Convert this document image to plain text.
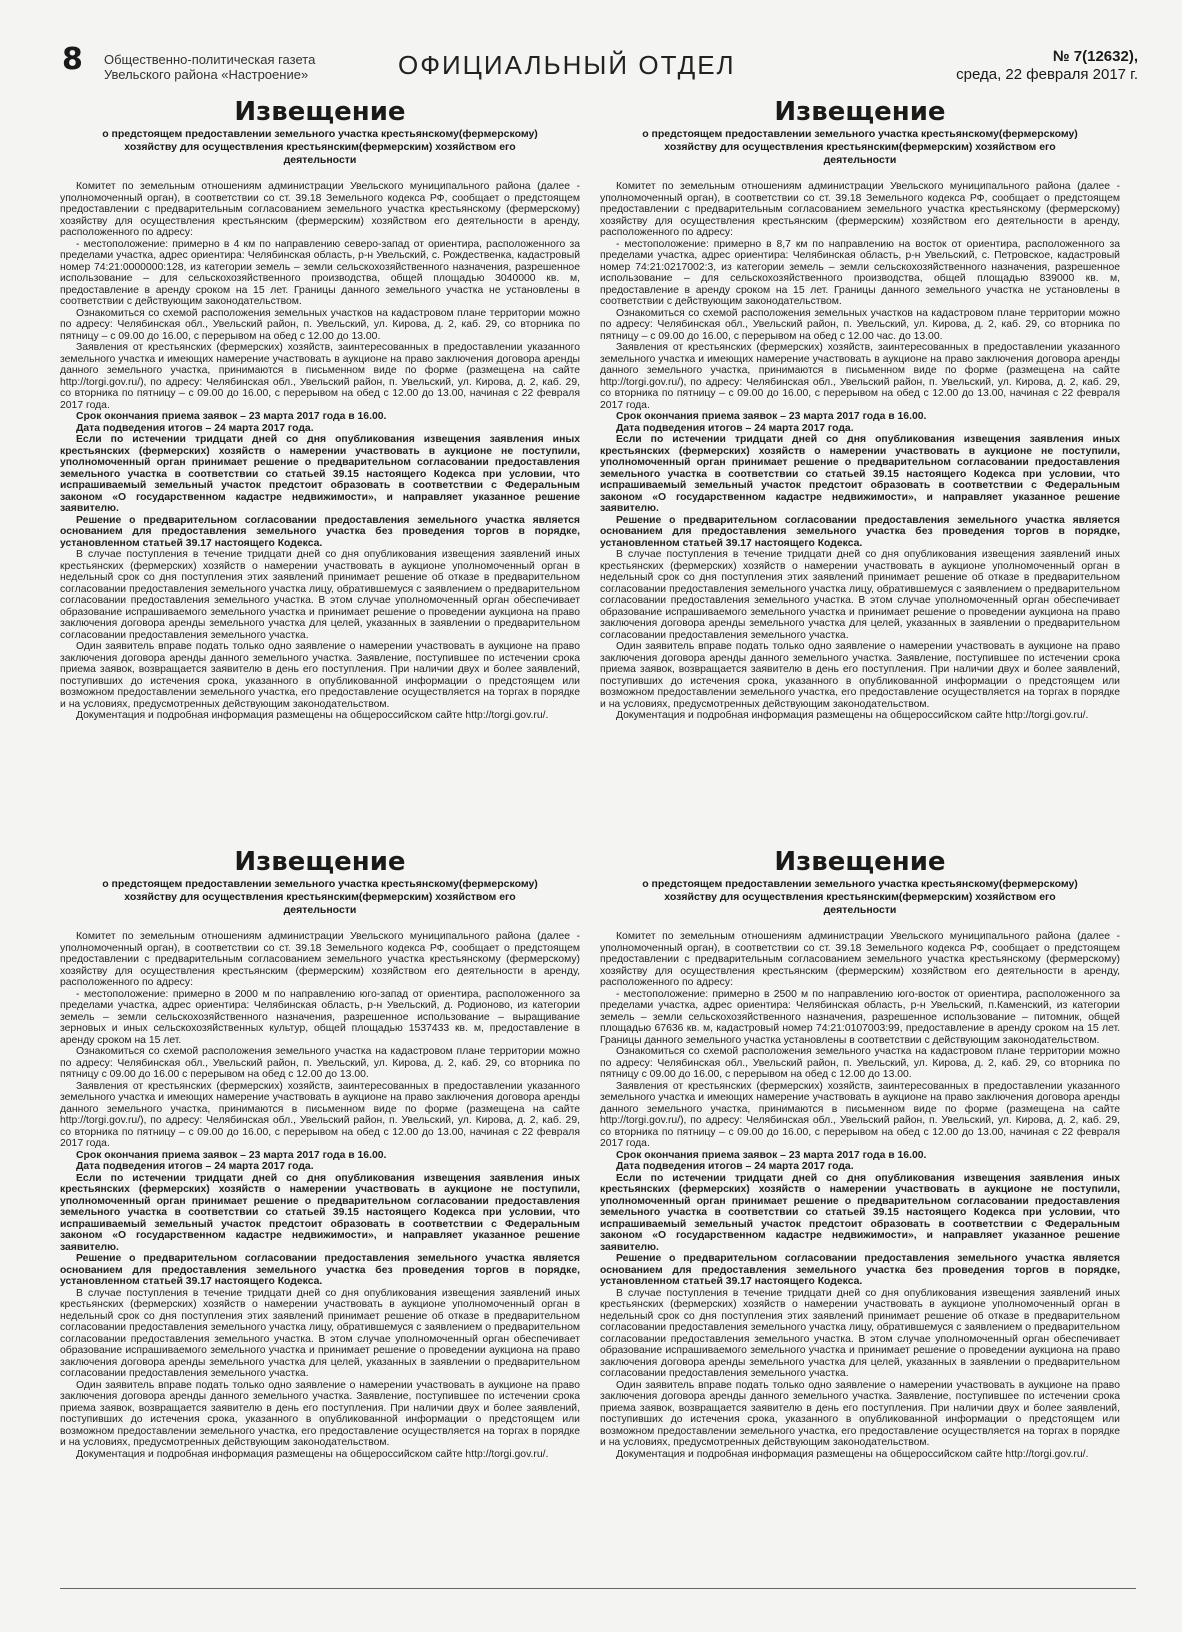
8 Общественно-политическая газета
Увельского района «Настроение»	ОФИЦИАЛЬНЫЙ ОТДЕЛ	№ 7(12632),
среда, 22 февраля 2017 г.
Извещение
о предстоящем предоставлении земельного участка крестьянскому(фермерскому) хозяйству для осуществления крестьянским(фермерским) хозяйством его деятельности

Комитет по земельным отношениям администрации Увельского муниципального района (далее - уполномоченный орган), в соответствии со ст. 39.18 Земельного кодекса РФ, сообщает о предстоящем предоставлении с предварительным согласованием земельного участка крестьянскому (фермерскому) хозяйству для осуществления крестьянским (фермерским) хозяйством его деятельности в аренду, расположенного по адресу:

- местоположение: примерно в 4 км по направлению северо-запад от ориентира, расположенного за пределами участка, адрес ориентира: Челябинская область, р-н Увельский, с. Рождественка, кадастровый номер 74:21:0000000:128, из категории земель – земли сельскохозяйственного назначения, разрешенное использование – для сельскохозяйственного производства, общей площадью 3040000 кв. м, предоставление в аренду сроком на 15 лет. Границы данного земельного участка не установлены в соответствии с действующим законодательством.

Ознакомиться со схемой расположения земельных участков на кадастровом плане территории можно по адресу: Челябинская обл., Увельский район, п. Увельский, ул. Кирова, д. 2, каб. 29, со вторника по пятницу – с 09.00 до 16.00, с перерывом на обед с 12.00 до 13.00.

Заявления от крестьянских (фермерских) хозяйств, заинтересованных в предоставлении указанного земельного участка и имеющих намерение участвовать в аукционе на право заключения договора аренды данного земельного участка, принимаются в письменном виде по форме (размещена на сайте http://torgi.gov.ru/), по адресу: Челябинская обл., Увельский район, п. Увельский, ул. Кирова, д. 2, каб. 29, со вторника по пятницу – с 09.00 до 16.00, с перерывом на обед с 12.00 до 13.00, начиная с 22 февраля 2017 года.

Срок окончания приема заявок – 23 марта 2017 года в 16.00.

Дата подведения итогов – 24 марта 2017 года.

Если по истечении тридцати дней со дня опубликования извещения заявления иных крестьянских (фермерских) хозяйств о намерении участвовать в аукционе не поступили, уполномоченный орган принимает решение о предварительном согласовании предоставления земельного участка в соответствии со статьей 39.15 настоящего Кодекса при условии, что испрашиваемый земельный участок предстоит образовать в соответствии с Федеральным законом «О государственном кадастре недвижимости», и направляет указанное решение заявителю.

Решение о предварительном согласовании предоставления земельного участка является основанием для предоставления земельного участка без проведения торгов в порядке, установленном статьей 39.17 настоящего Кодекса.

В случае поступления в течение тридцати дней со дня опубликования извещения заявлений иных крестьянских (фермерских) хозяйств о намерении участвовать в аукционе уполномоченный орган в недельный срок со дня поступления этих заявлений принимает решение об отказе в предварительном согласовании предоставления земельного участка лицу, обратившемуся с заявлением о предварительном согласовании предоставления земельного участка. В этом случае уполномоченный орган обеспечивает образование испрашиваемого земельного участка и принимает решение о проведении аукциона на право заключения договора аренды земельного участка для целей, указанных в заявлении о предварительном согласовании предоставления земельного участка.

Один заявитель вправе подать только одно заявление о намерении участвовать в аукционе на право заключения договора аренды данного земельного участка. Заявление, поступившее по истечении срока приема заявок, возвращается заявителю в день его поступления. При наличии двух и более заявлений, поступивших до истечения срока, указанного в опубликованной информации о предстоящем или возможном предоставлении земельного участка, его предоставление осуществляется на торгах в порядке и на условиях, предусмотренных действующим законодательством.

Документация и подробная информация размещены на общероссийском сайте http://torgi.gov.ru/.

Извещение
о предстоящем предоставлении земельного участка крестьянскому(фермерскому) хозяйству для осуществления крестьянским(фермерским) хозяйством его деятельности

Комитет по земельным отношениям администрации Увельского муниципального района (далее - уполномоченный орган), в соответствии со ст. 39.18 Земельного кодекса РФ, сообщает о предстоящем предоставлении с предварительным согласованием земельного участка крестьянскому (фермерскому) хозяйству для осуществления крестьянским (фермерским) хозяйством его деятельности в аренду, расположенного по адресу:

- местоположение: примерно в 8,7 км по направлению на восток от ориентира, расположенного за пределами участка, адрес ориентира: Челябинская область, р-н Увельский, с. Петровское, кадастровый номер 74:21:0217002:3, из категории земель – земли сельскохозяйственного назначения, разрешенное использование – для сельскохозяйственного производства, общей площадью 839000 кв. м, предоставление в аренду сроком на 15 лет. Границы данного земельного участка не установлены в соответствии с действующим законодательством.

Ознакомиться со схемой расположения земельных участков на кадастровом плане территории можно по адресу: Челябинская обл., Увельский район, п. Увельский, ул. Кирова, д. 2, каб. 29, со вторника по пятницу – с 09.00 до 16.00, с перерывом на обед с 12.00 час. до 13.00.

Заявления от крестьянских (фермерских) хозяйств, заинтересованных в предоставлении указанного земельного участка и имеющих намерение участвовать в аукционе на право заключения договора аренды данного земельного участка, принимаются в письменном виде по форме (размещена на сайте http://torgi.gov.ru/), по адресу: Челябинская обл., Увельский район, п. Увельский, ул. Кирова, д. 2, каб. 29, со вторника по пятницу – с 09.00 до 16.00, с перерывом на обед с 12.00 до 13.00, начиная с 22 февраля 2017 года.

Срок окончания приема заявок – 23 марта 2017 года в 16.00.

Дата подведения итогов – 24 марта 2017 года.

Если по истечении тридцати дней со дня опубликования извещения заявления иных крестьянских (фермерских) хозяйств о намерении участвовать в аукционе не поступили, уполномоченный орган принимает решение о предварительном согласовании предоставления земельного участка в соответствии со статьей 39.15 настоящего Кодекса при условии, что испрашиваемый земельный участок предстоит образовать в соответствии с Федеральным законом «О государственном кадастре недвижимости», и направляет указанное решение заявителю.

Решение о предварительном согласовании предоставления земельного участка является основанием для предоставления земельного участка без проведения торгов в порядке, установленном статьей 39.17 настоящего Кодекса.

В случае поступления в течение тридцати дней со дня опубликования извещения заявлений иных крестьянских (фермерских) хозяйств о намерении участвовать в аукционе уполномоченный орган в недельный срок со дня поступления этих заявлений принимает решение об отказе в предварительном согласовании предоставления земельного участка лицу, обратившемуся с заявлением о предварительном согласовании предоставления земельного участка. В этом случае уполномоченный орган обеспечивает образование испрашиваемого земельного участка и принимает решение о проведении аукциона на право заключения договора аренды земельного участка для целей, указанных в заявлении о предварительном согласовании предоставления земельного участка.

Один заявитель вправе подать только одно заявление о намерении участвовать в аукционе на право заключения договора аренды данного земельного участка. Заявление, поступившее по истечении срока приема заявок, возвращается заявителю в день его поступления. При наличии двух и более заявлений, поступивших до истечения срока, указанного в опубликованной информации о предстоящем или возможном предоставлении земельного участка, его предоставление осуществляется на торгах в порядке и на условиях, предусмотренных действующим законодательством.

Документация и подробная информация размещены на общероссийском сайте http://torgi.gov.ru/.

Извещение
о предстоящем предоставлении земельного участка крестьянскому(фермерскому) хозяйству для осуществления крестьянским(фермерским) хозяйством его деятельности

Комитет по земельным отношениям администрации Увельского муниципального района (далее - уполномоченный орган), в соответствии со ст. 39.18 Земельного кодекса РФ, сообщает о предстоящем предоставлении с предварительным согласованием земельного участка крестьянскому (фермерскому) хозяйству для осуществления крестьянским (фермерским) хозяйством его деятельности в аренду, расположенного по адресу:

- местоположение: примерно в 2000 м по направлению юго-запад от ориентира, расположенного за пределами участка, адрес ориентира: Челябинская область, р-н Увельский, д. Родионово, из категории земель – земли сельскохозяйственного назначения, разрешенное использование – выращивание зерновых и иных сельскохозяйственных культур, общей площадью 1537433 кв. м, предоставление в аренду сроком на 15 лет.

Ознакомиться со схемой расположения земельного участка на кадастровом плане территории можно по адресу: Челябинская обл., Увельский район, п. Увельский, ул. Кирова, д. 2, каб. 29, со вторника по пятницу с 09.00 до 16.00 с перерывом на обед с 12.00 до 13.00.

Заявления от крестьянских (фермерских) хозяйств, заинтересованных в предоставлении указанного земельного участка и имеющих намерение участвовать в аукционе на право заключения договора аренды данного земельного участка, принимаются в письменном виде по форме (размещена на сайте http://torgi.gov.ru/), по адресу: Челябинская обл., Увельский район, п. Увельский, ул. Кирова, д. 2, каб. 29, со вторника по пятницу – с 09.00 до 16.00, с перерывом на обед с 12.00 до 13.00, начиная с 22 февраля 2017 года.

Срок окончания приема заявок – 23 марта 2017 года в 16.00.

Дата подведения итогов – 24 марта 2017 года.

Если по истечении тридцати дней со дня опубликования извещения заявления иных крестьянских (фермерских) хозяйств о намерении участвовать в аукционе не поступили, уполномоченный орган принимает решение о предварительном согласовании предоставления земельного участка в соответствии со статьей 39.15 настоящего Кодекса при условии, что испрашиваемый земельный участок предстоит образовать в соответствии с Федеральным законом «О государственном кадастре недвижимости», и направляет указанное решение заявителю.

Решение о предварительном согласовании предоставления земельного участка является основанием для предоставления земельного участка без проведения торгов в порядке, установленном статьей 39.17 настоящего Кодекса.

В случае поступления в течение тридцати дней со дня опубликования извещения заявлений иных крестьянских (фермерских) хозяйств о намерении участвовать в аукционе уполномоченный орган в недельный срок со дня поступления этих заявлений принимает решение об отказе в предварительном согласовании предоставления земельного участка лицу, обратившемуся с заявлением о предварительном согласовании предоставления земельного участка. В этом случае уполномоченный орган обеспечивает образование испрашиваемого земельного участка и принимает решение о проведении аукциона на право заключения договора аренды земельного участка для целей, указанных в заявлении о предварительном согласовании предоставления земельного участка.

Один заявитель вправе подать только одно заявление о намерении участвовать в аукционе на право заключения договора аренды данного земельного участка. Заявление, поступившее по истечении срока приема заявок, возвращается заявителю в день его поступления. При наличии двух и более заявлений, поступивших до истечения срока, указанного в опубликованной информации о предстоящем или возможном предоставлении земельного участка, его предоставление осуществляется на торгах в порядке и на условиях, предусмотренных действующим законодательством.

Документация и подробная информация размещены на общероссийском сайте http://torgi.gov.ru/.

Извещение
о предстоящем предоставлении земельного участка крестьянскому(фермерскому) хозяйству для осуществления крестьянским(фермерским) хозяйством его деятельности

Комитет по земельным отношениям администрации Увельского муниципального района (далее - уполномоченный орган), в соответствии со ст. 39.18 Земельного кодекса РФ, сообщает о предстоящем предоставлении с предварительным согласованием земельного участка крестьянскому (фермерскому) хозяйству для осуществления крестьянским (фермерским) хозяйством его деятельности в аренду, расположенного по адресу:

- местоположение: примерно в 2500 м по направлению юго-восток от ориентира, расположенного за пределами участка, адрес ориентира: Челябинская область, р-н Увельский, п.Каменский, из категории земель – земли сельскохозяйственного назначения, разрешенное использование – питомник, общей площадью 67636 кв. м, кадастровый номер 74:21:0107003:99, предоставление в аренду сроком на 15 лет. Границы данного земельного участка установлены в соответствии с действующим законодательством.

Ознакомиться со схемой расположения земельного участка на кадастровом плане территории можно по адресу: Челябинская обл., Увельский район, п. Увельский, ул. Кирова, д. 2, каб. 29, со вторника по пятницу с 09.00 до 16.00, с перерывом на обед с 12.00 до 13.00.

Заявления от крестьянских (фермерских) хозяйств, заинтересованных в предоставлении указанного земельного участка и имеющих намерение участвовать в аукционе на право заключения договора аренды данного земельного участка, принимаются в письменном виде по форме (размещена на сайте http://torgi.gov.ru/), по адресу: Челябинская обл., Увельский район, п. Увельский, ул. Кирова, д. 2, каб. 29, со вторника по пятницу – с 09.00 до 16.00, с перерывом на обед с 12.00 до 13.00, начиная с 22 февраля 2017 года.

Срок окончания приема заявок – 23 марта 2017 года в 16.00.

Дата подведения итогов – 24 марта 2017 года.

Если по истечении тридцати дней со дня опубликования извещения заявления иных крестьянских (фермерских) хозяйств о намерении участвовать в аукционе не поступили, уполномоченный орган принимает решение о предварительном согласовании предоставления земельного участка в соответствии со статьей 39.15 настоящего Кодекса при условии, что испрашиваемый земельный участок предстоит образовать в соответствии с Федеральным законом «О государственном кадастре недвижимости», и направляет указанное решение заявителю.

Решение о предварительном согласовании предоставления земельного участка является основанием для предоставления земельного участка без проведения торгов в порядке, установленном статьей 39.17 настоящего Кодекса.

В случае поступления в течение тридцати дней со дня опубликования извещения заявлений иных крестьянских (фермерских) хозяйств о намерении участвовать в аукционе уполномоченный орган в недельный срок со дня поступления этих заявлений принимает решение об отказе в предварительном согласовании предоставления земельного участка лицу, обратившемуся с заявлением о предварительном согласовании предоставления земельного участка. В этом случае уполномоченный орган обеспечивает образование испрашиваемого земельного участка и принимает решение о проведении аукциона на право заключения договора аренды земельного участка для целей, указанных в заявлении о предварительном согласовании предоставления земельного участка.

Один заявитель вправе подать только одно заявление о намерении участвовать в аукционе на право заключения договора аренды данного земельного участка. Заявление, поступившее по истечении срока приема заявок, возвращается заявителю в день его поступления. При наличии двух и более заявлений, поступивших до истечения срока, указанного в опубликованной информации о предстоящем или возможном предоставлении земельного участка, его предоставление осуществляется на торгах в порядке и на условиях, предусмотренных действующим законодательством.

Документация и подробная информация размещены на общероссийском сайте http://torgi.gov.ru/.
